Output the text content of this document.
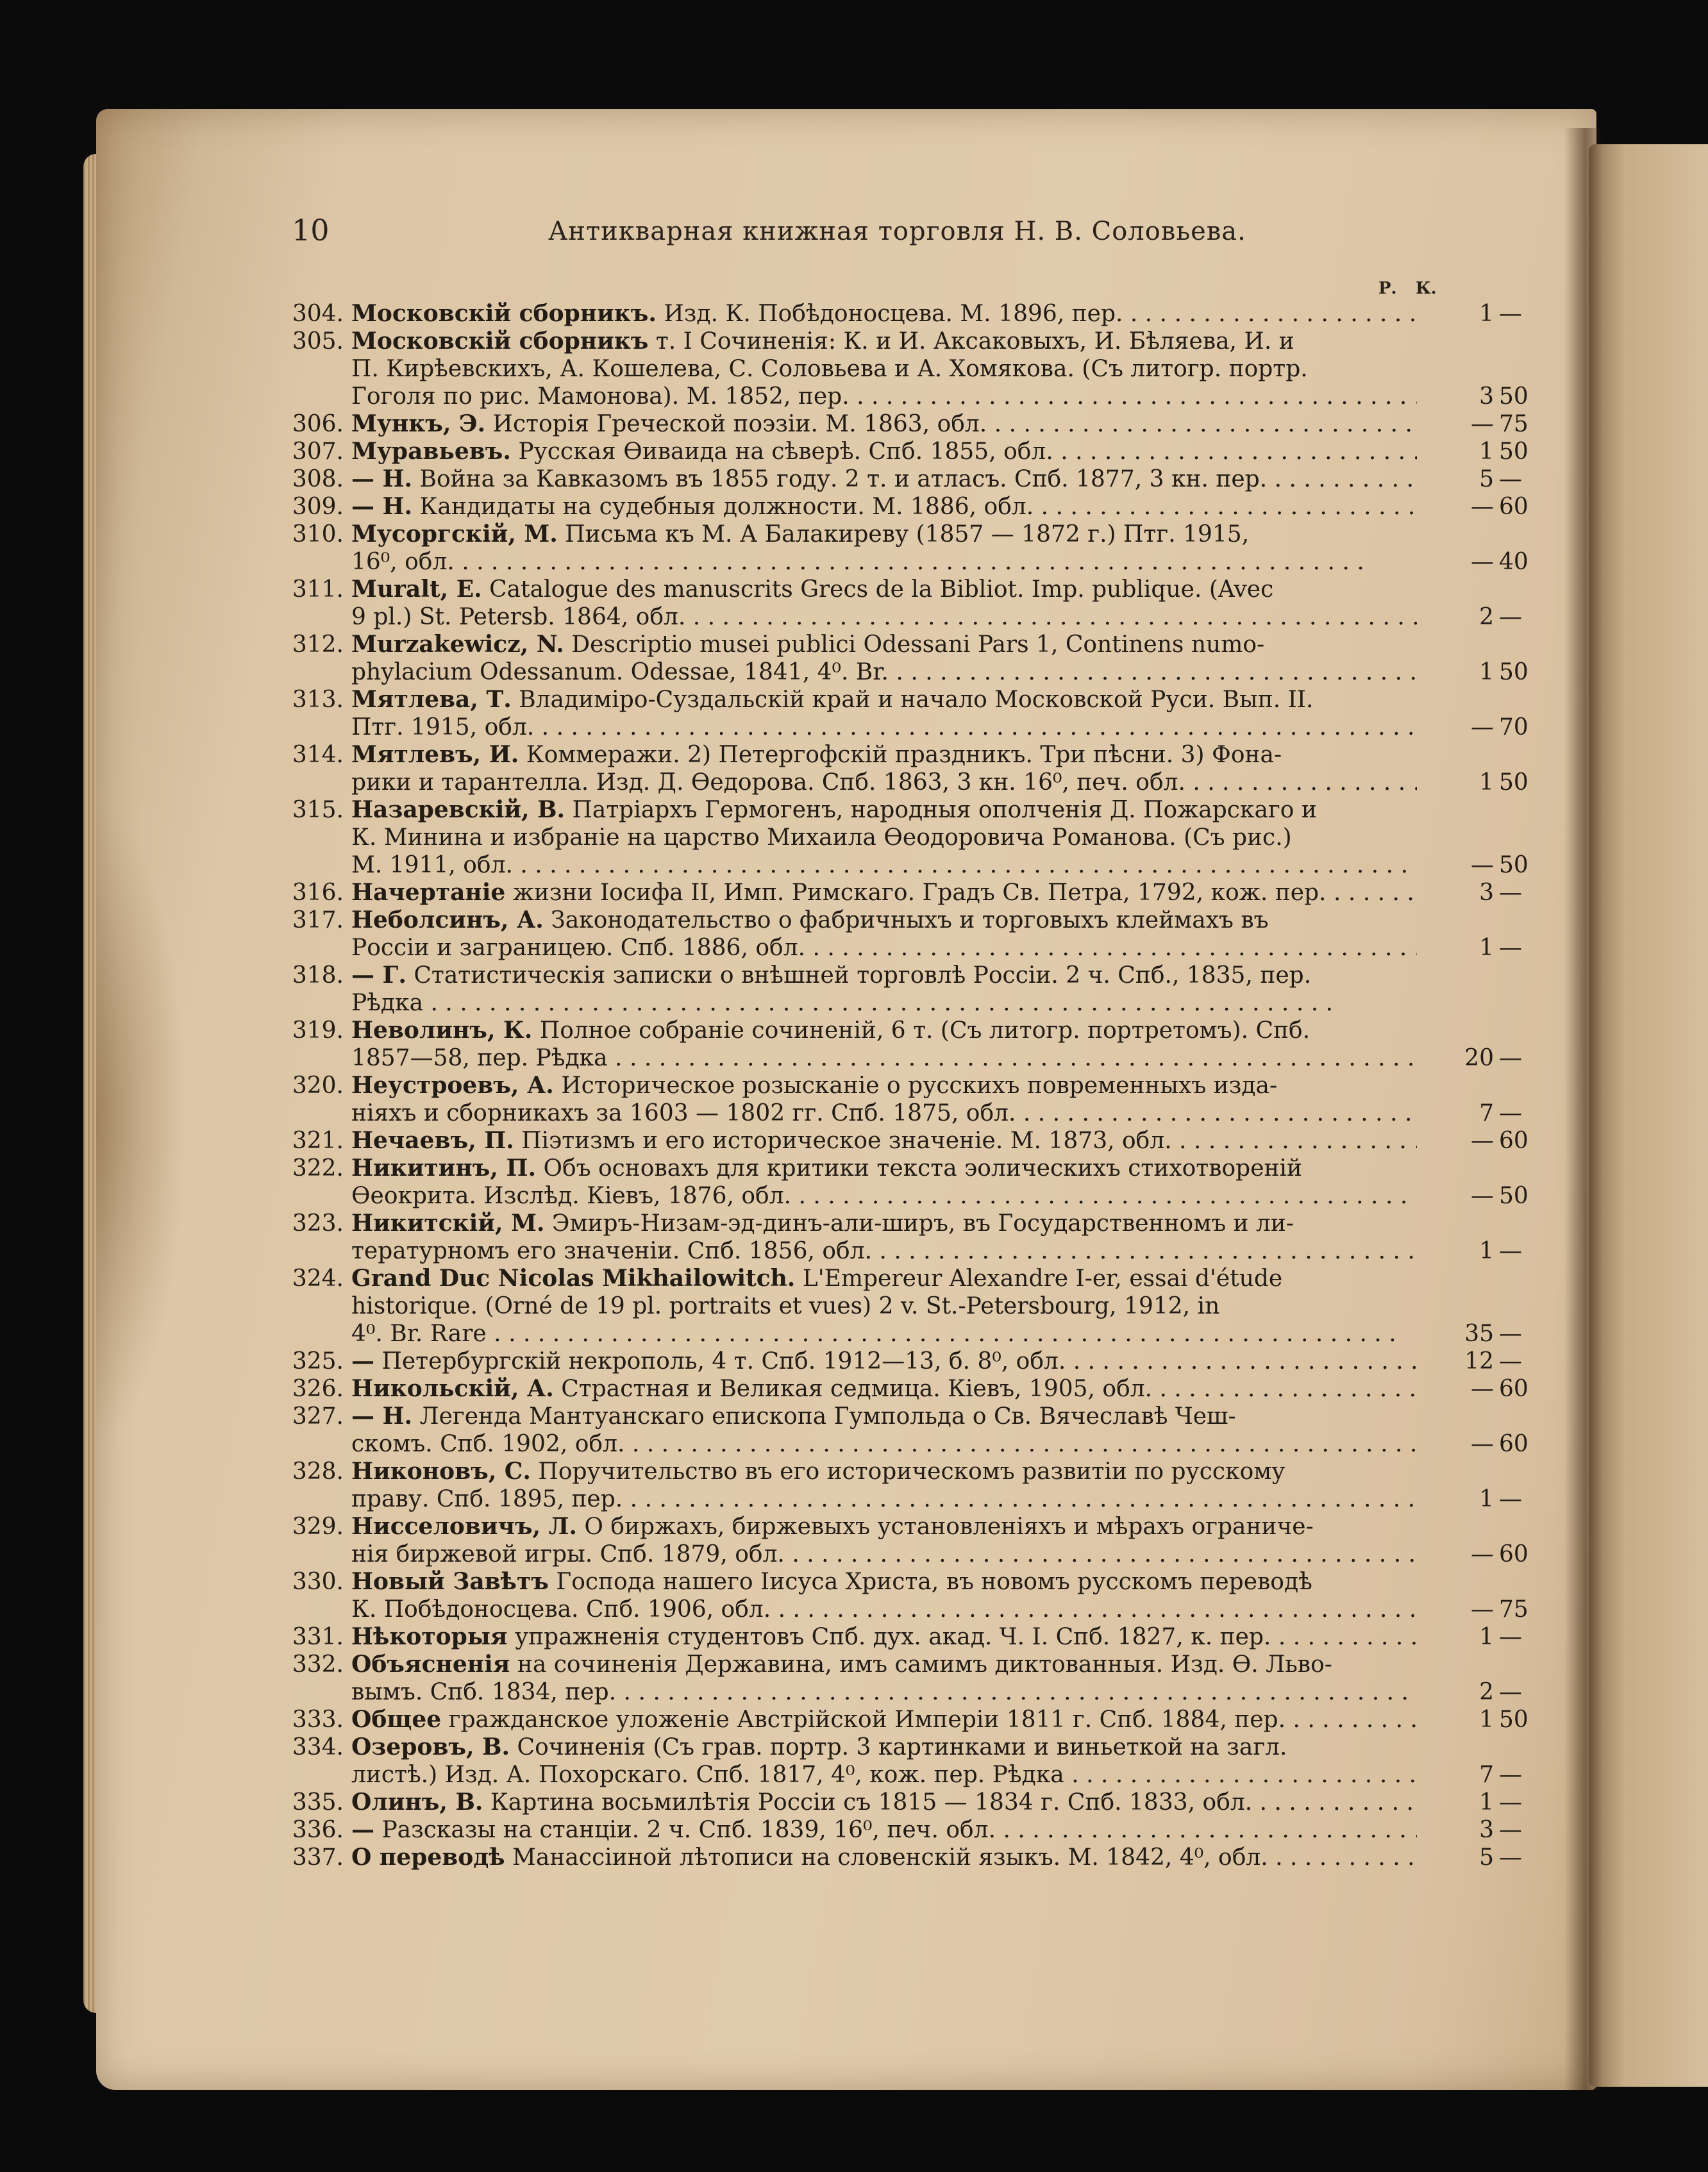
10	Антикварная книжная торговля Н. В. Соловьева.
Р. К.
304. Московскій сборникъ. Изд. К. Побѣдоносцева. М. 1896, пер. . . .	1 —
305. Московскій сборникъ т. I Сочиненія: К. и И. Аксаковыхъ, И. Бѣляева, И. и
П. Кирѣевскихъ, А. Кошелева, С. Соловьева и А. Хомякова. (Съ литогр. портр.
Гоголя по рис. Мамонова). М. 1852, пер. . . .	3 50
306. Мункъ, Э. Исторія Греческой поэзіи. М. 1863, обл. . . .	— 75
307. Муравьевъ. Русская Ѳиваида на сѣверѣ. Спб. 1855, обл. . . .	1 50
308. — Н. Война за Кавказомъ въ 1855 году. 2 т. и атласъ. Спб. 1877, 3 кн. пер. . . .	5 —
309. — Н. Кандидаты на судебныя должности. М. 1886, обл. . . .	— 60
310. Мусоргскій, М. Письма къ М. А Балакиреву (1857 — 1872 г.) Птг. 1915,
16⁰, обл. . . .	— 40
311. Muralt, E. Catalogue des manuscrits Grecs de la Bibliot. Imp. publique. (Avec
9 pl.) St. Petersb. 1864, обл. . . .	2 —
312. Murzakewicz, N. Descriptio musei publici Odessani Pars 1, Continens numo-
phylacium Odessanum. Odessae, 1841, 4⁰. Br. . . .	1 50
313. Мятлева, Т. Владиміро-Суздальскій край и начало Московской Руси. Вып. II.
Птг. 1915, обл. . . .	— 70
314. Мятлевъ, И. Коммеражи. 2) Петергофскій праздникъ. Три пѣсни. 3) Фона-
рики и тарантелла. Изд. Д. Ѳедорова. Спб. 1863, 3 кн. 16⁰, печ. обл. . . .	1 50
315. Назаревскій, В. Патріархъ Гермогенъ, народныя ополченія Д. Пожарскаго и
К. Минина и избраніе на царство Михаила Ѳеодоровича Романова. (Съ рис.)
М. 1911, обл. . . .	— 50
316. Начертаніе жизни Іосифа II, Имп. Римскаго. Градъ Св. Петра, 1792, кож. пер. . . .	3 —
317. Неболсинъ, А. Законодательство о фабричныхъ и торговыхъ клеймахъ въ
Россіи и заграницею. Спб. 1886, обл. . . .	1 —
318. — Г. Статистическія записки о внѣшней торговлѣ Россіи. 2 ч. Спб., 1835, пер.
Рѣдка . . .
319. Неволинъ, К. Полное собраніе сочиненій, 6 т. (Съ литогр. портретомъ). Спб.
1857—58, пер. Рѣдка . . .	20 —
320. Неустроевъ, А. Историческое розысканіе о русскихъ повременныхъ изда-
ніяхъ и сборникахъ за 1603 — 1802 гг. Спб. 1875, обл. . . .	7 —
321. Нечаевъ, П. Піэтизмъ и его историческое значеніе. М. 1873, обл. . . .	— 60
322. Никитинъ, П. Объ основахъ для критики текста эолическихъ стихотвореній
Ѳеокрита. Изслѣд. Кіевъ, 1876, обл. . . .	— 50
323. Никитскій, М. Эмиръ-Низам-эд-динъ-али-ширъ, въ Государственномъ и ли-
тературномъ его значеніи. Спб. 1856, обл. . . .	1 —
324. Grand Duc Nicolas Mikhailowitch. L'Empereur Alexandre I-er, essai d'étude
historique. (Orné de 19 pl. portraits et vues) 2 v. St.-Petersbourg, 1912, in
4⁰. Br. Rare . . .	35 —
325. — Петербургскій некрополь, 4 т. Спб. 1912—13, б. 8⁰, обл. . . .	12 —
326. Никольскій, А. Страстная и Великая седмица. Кіевъ, 1905, обл. . . .	— 60
327. — Н. Легенда Мантуанскаго епископа Гумпольда о Св. Вячеславѣ Чеш-
скомъ. Спб. 1902, обл. . . .	— 60
328. Никоновъ, С. Поручительство въ его историческомъ развитіи по русскому
праву. Спб. 1895, пер. . . .	1 —
329. Нисселовичъ, Л. О биржахъ, биржевыхъ установленіяхъ и мѣрахъ ограниче-
нія биржевой игры. Спб. 1879, обл. . . .	— 60
330. Новый Завѣтъ Господа нашего Іисуса Христа, въ новомъ русскомъ переводѣ
К. Побѣдоносцева. Спб. 1906, обл. . . .	— 75
331. Нѣкоторыя упражненія студентовъ Спб. дух. акад. Ч. I. Спб. 1827, к. пер. . . .	1 —
332. Объясненія на сочиненія Державина, имъ самимъ диктованныя. Изд. Ѳ. Льво-
вымъ. Спб. 1834, пер. . . .	2 —
333. Общее гражданское уложеніе Австрійской Имперіи 1811 г. Спб. 1884, пер. . . .	1 50
334. Озеровъ, В. Сочиненія (Съ грав. портр. 3 картинками и виньеткой на загл.
листѣ.) Изд. А. Похорскаго. Спб. 1817, 4⁰, кож. пер. Рѣдка . . .	7 —
335. Олинъ, В. Картина восьмилѣтія Россіи съ 1815 — 1834 г. Спб. 1833, обл. . . .	1 —
336. — Разсказы на станціи. 2 ч. Спб. 1839, 16⁰, печ. обл. . . .	3 —
337. О переводѣ Манассіиной лѣтописи на словенскій языкъ. М. 1842, 4⁰, обл. . . .	5 —
